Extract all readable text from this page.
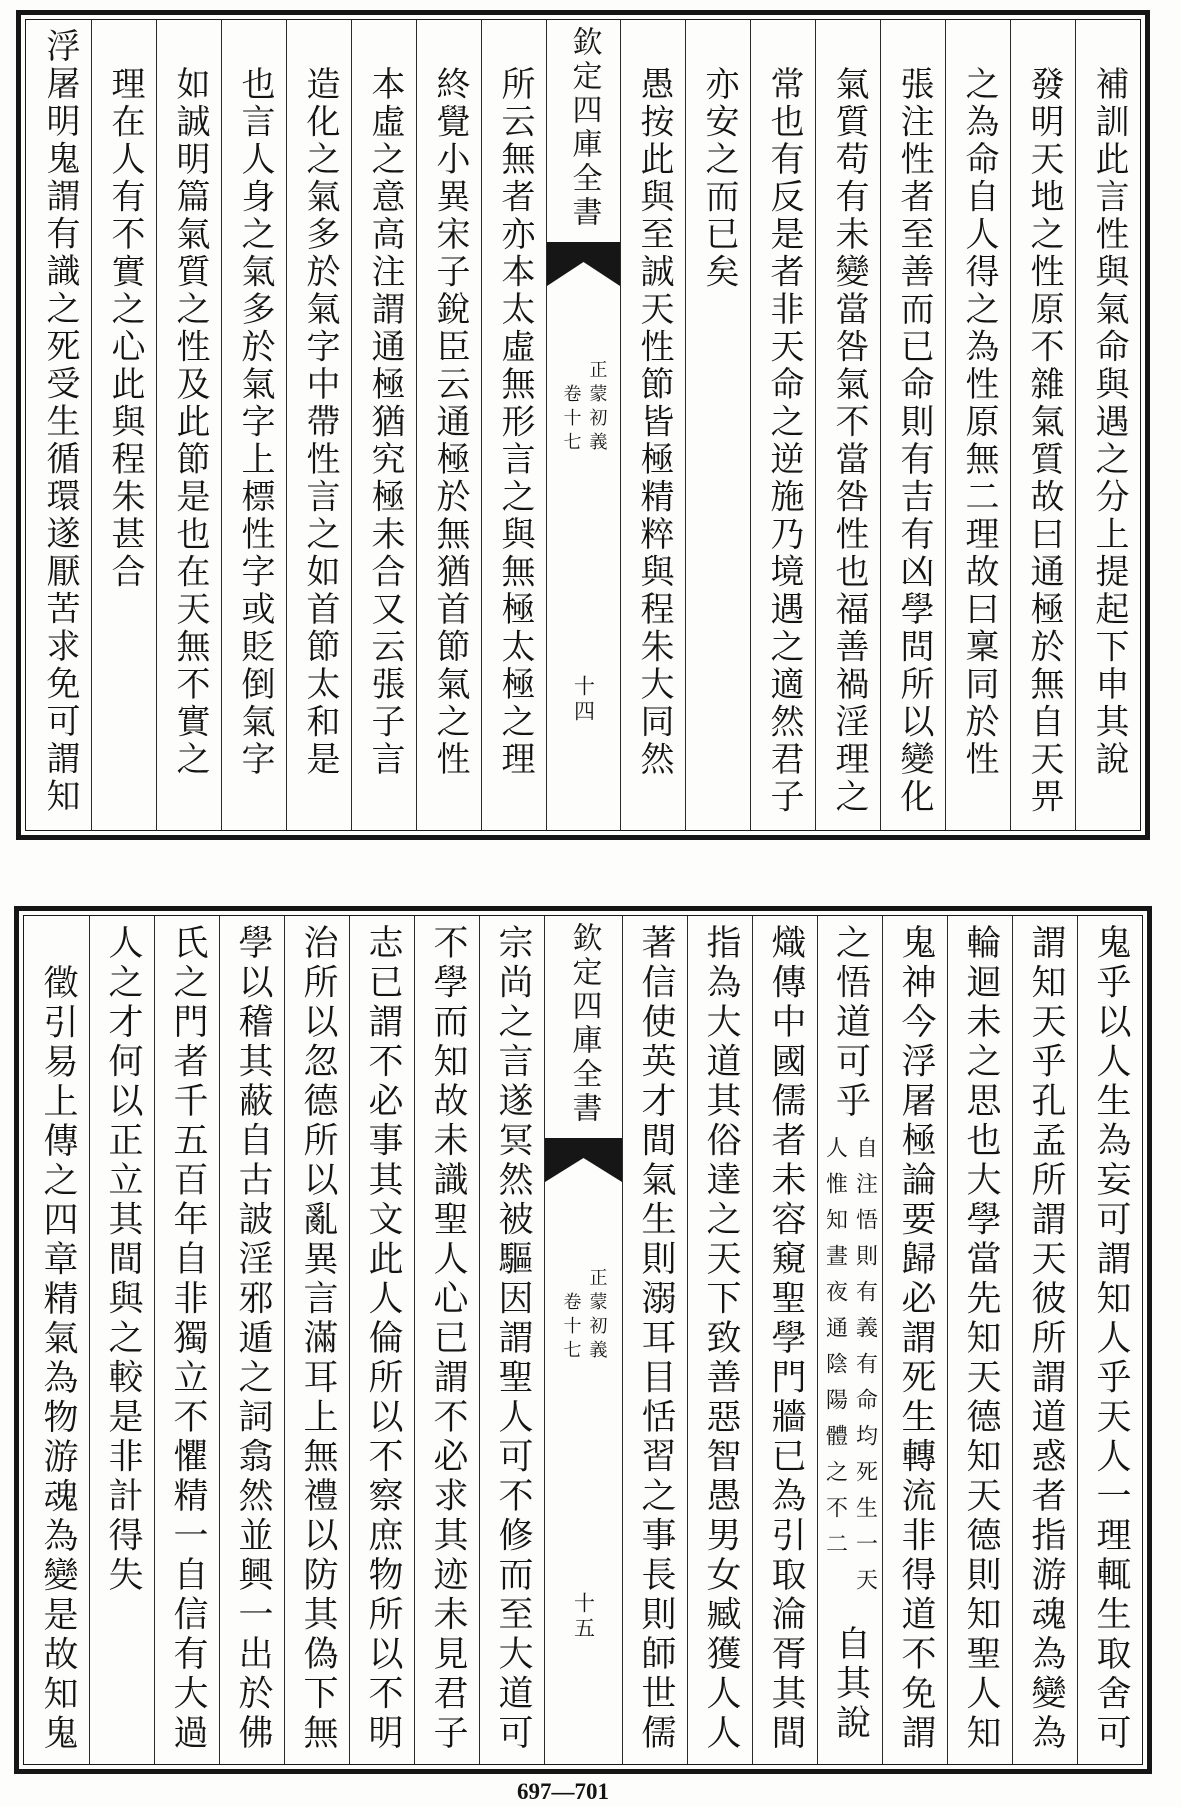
補訓此言性與氣命與遇之分上提起下申其說
發明天地之性原不雜氣質故曰通極於無自天畀
之為命自人得之為性原無二理故曰稟同於性
張注性者至善而已命則有吉有凶學問所以變化
氣質苟有未變當咎氣不當咎性也福善禍淫理之
常也有反是者非天命之逆施乃境遇之適然君子
亦安之而已矣
愚按此與至誠天性節皆極精粹與程朱大同然
欽定四庫全書
正蒙初義
卷十七
十四
所云無者亦本太虛無形言之與無極太極之理
終覺小異宋子銳臣云通極於無猶首節氣之性
本虛之意高注謂通極猶究極未合又云張子言
造化之氣多於氣字中帶性言之如首節太和是
也言人身之氣多於氣字上標性字或貶倒氣字
如誠明篇氣質之性及此節是也在天無不實之
理在人有不實之心此與程朱甚合
浮屠明鬼謂有識之死受生循環遂厭苦求免可謂知
鬼乎以人生為妄可謂知人乎天人一理輒生取舍可
謂知天乎孔孟所謂天彼所謂道惑者指游魂為變為
輪迴未之思也大學當先知天德知天德則知聖人知
鬼神今浮屠極論要歸必謂死生轉流非得道不免謂
之悟道可乎
自注悟則有義有命均死生一天
人惟知晝夜通陰陽體之不二
自其說
熾傳中國儒者未容窺聖學門牆已為引取淪胥其間
指為大道其俗達之天下致善惡智愚男女臧獲人人
著信使英才間氣生則溺耳目恬習之事長則師世儒
欽定四庫全書
正蒙初義
卷十七
十五
宗尚之言遂冥然被驅因謂聖人可不修而至大道可
不學而知故未識聖人心已謂不必求其迹未見君子
志已謂不必事其文此人倫所以不察庶物所以不明
治所以忽德所以亂異言滿耳上無禮以防其偽下無
學以稽其蔽自古詖淫邪遁之詞翕然並興一出於佛
氏之門者千五百年自非獨立不懼精一自信有大過
人之才何以正立其間與之較是非計得失
徵引易上傳之四章精氣為物游魂為變是故知鬼
697—701
